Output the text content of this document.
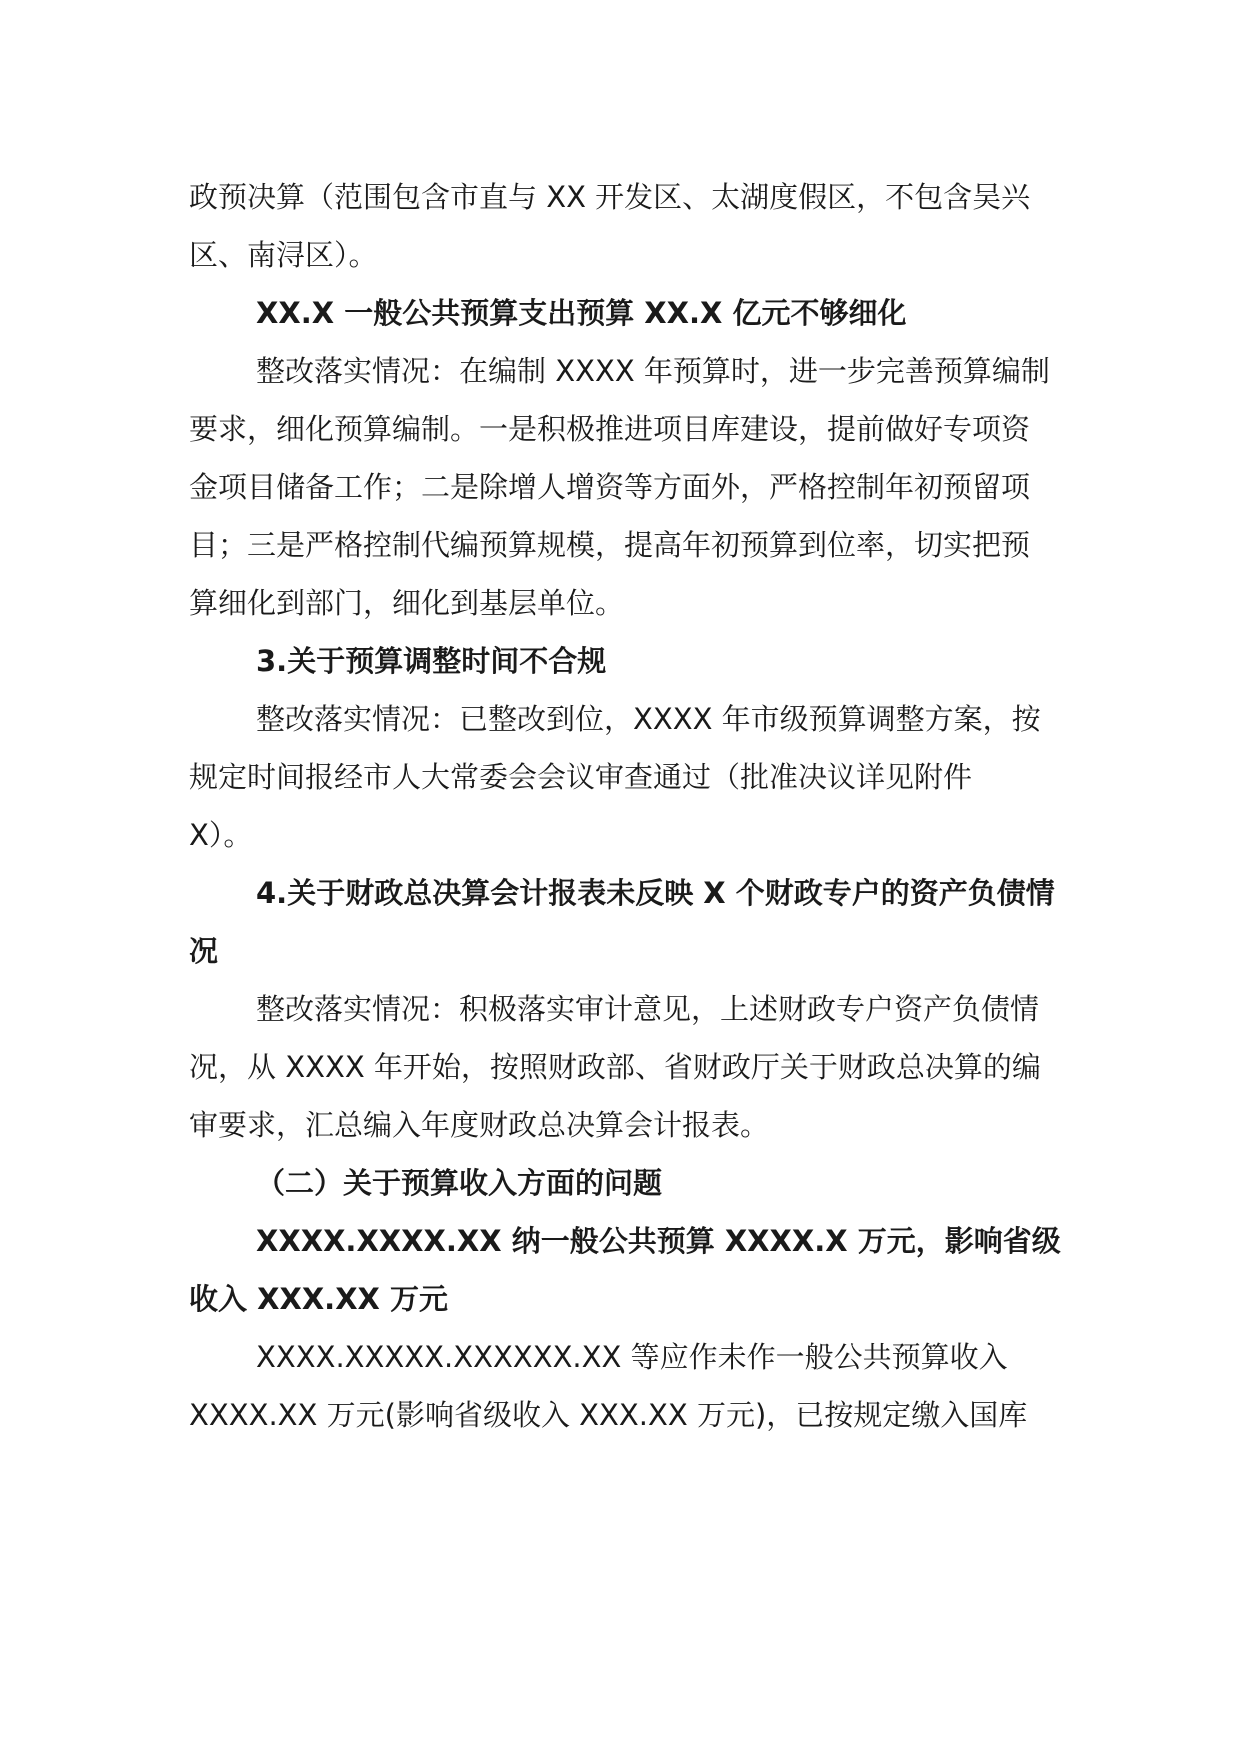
政预决算（范围包含市直与 XX 开发区、太湖度假区，不包含吴兴
区、南浔区）。
XX.X 一般公共预算支出预算 XX.X 亿元不够细化
整改落实情况：在编制 XXXX 年预算时，进一步完善预算编制
要求，细化预算编制。一是积极推进项目库建设，提前做好专项资
金项目储备工作；二是除增人增资等方面外，严格控制年初预留项
目；三是严格控制代编预算规模，提高年初预算到位率，切实把预
算细化到部门，细化到基层单位。
3.关于预算调整时间不合规
整改落实情况：已整改到位，XXXX 年市级预算调整方案，按
规定时间报经市人大常委会会议审查通过（批准决议详见附件
X）。
4.关于财政总决算会计报表未反映 X 个财政专户的资产负债情
况
整改落实情况：积极落实审计意见，上述财政专户资产负债情
况，从 XXXX 年开始，按照财政部、省财政厅关于财政总决算的编
审要求，汇总编入年度财政总决算会计报表。
（二）关于预算收入方面的问题
XXXX.XXXX.XX 纳一般公共预算 XXXX.X 万元，影响省级
收入 XXX.XX 万元
XXXX.XXXXX.XXXXXX.XX 等应作未作一般公共预算收入
XXXX.XX 万元(影响省级收入 XXX.XX 万元)，已按规定缴入国库
